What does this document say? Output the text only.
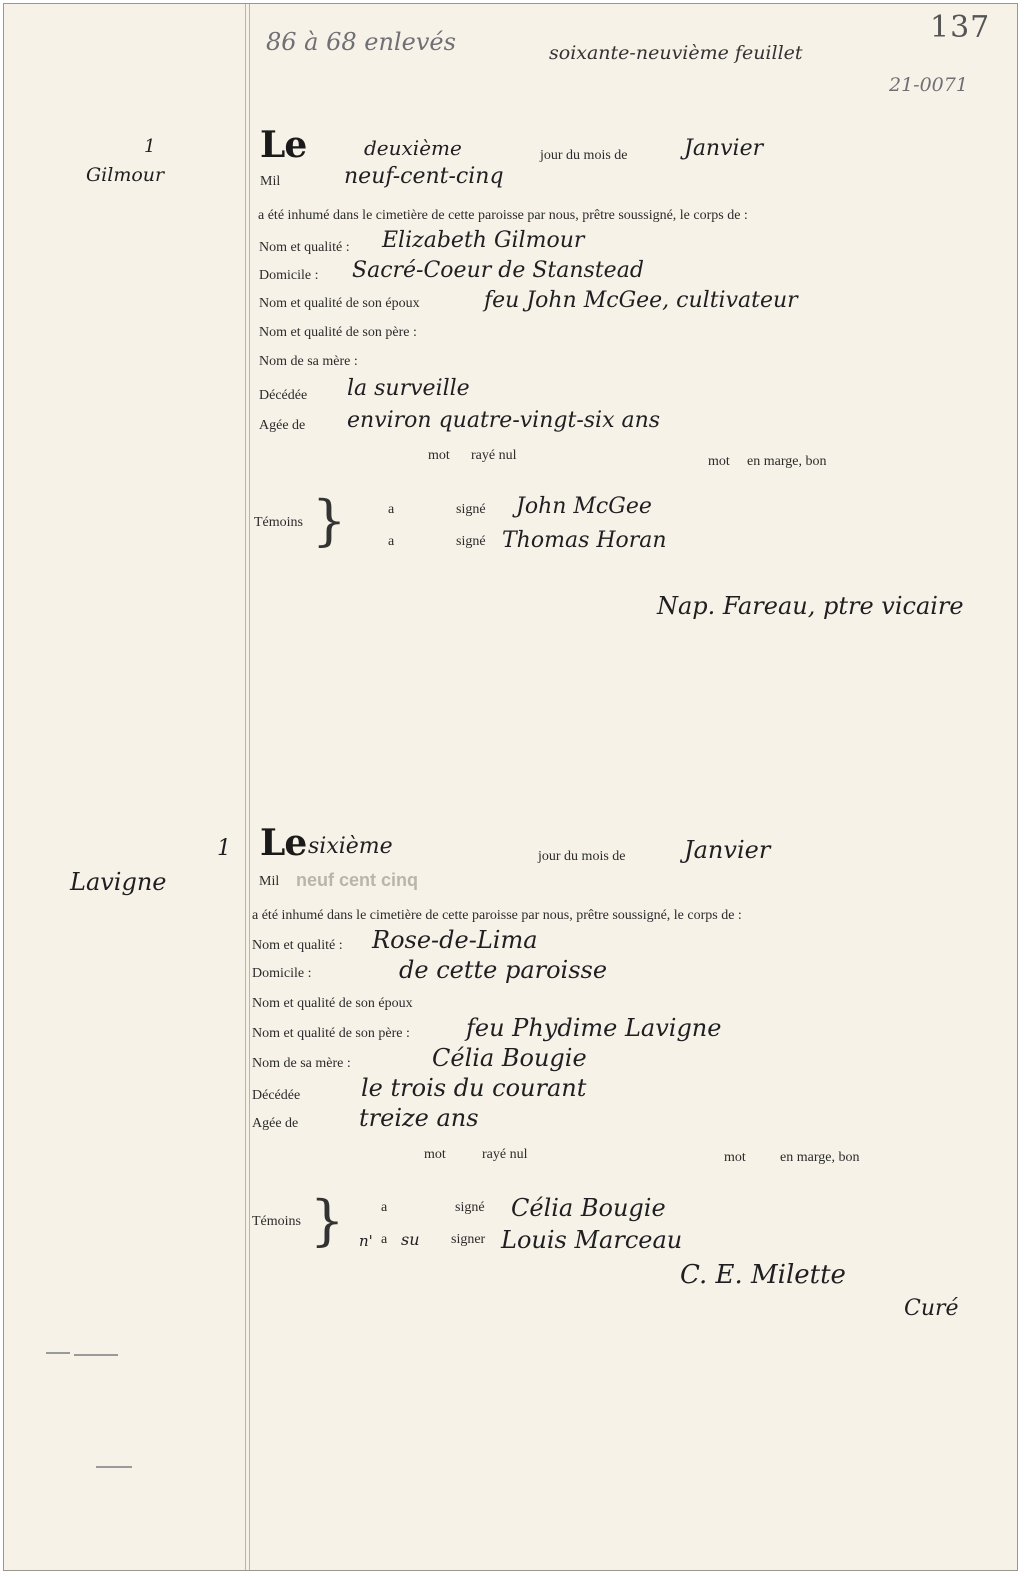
86 à 68 enlevés	soixante-neuvième feuillet
137
21-0071
1
Gilmour
Le	deuxième	jour du mois de	Janvier
Mil	neuf-cent-cinq
a été inhumé dans le cimetière de cette paroisse par nous, prêtre soussigné, le corps de :
Nom et qualité : Elizabeth Gilmour
Domicile : Sacré-Coeur de Stanstead
Nom et qualité de son époux	feu John McGee, cultivateur
Nom et qualité de son père :
Nom de sa mère :
Décédée la surveille
Agée de environ quatre-vingt-six ans
mot rayé nul	mot en marge, bon
Témoins }	a	signé John McGee
a	signé Thomas Horan
Nap. Fareau, ptre vicaire
1
Lavigne
Le sixième	jour du mois de Janvier
Mil neuf cent cinq
a été inhumé dans le cimetière de cette paroisse par nous, prêtre soussigné, le corps de :
Nom et qualité : Rose-de-Lima
Domicile :	de cette paroisse
Nom et qualité de son époux
Nom et qualité de son père : feu Phydime Lavigne
Nom de sa mère :	Célia Bougie
Décédée	le trois du courant
Agée de	treize ans
mot	rayé nul	mot en marge, bon
Témoins }	a	signé Célia Bougie
n' a su signer Louis Marceau
C. E. Milette
Curé
